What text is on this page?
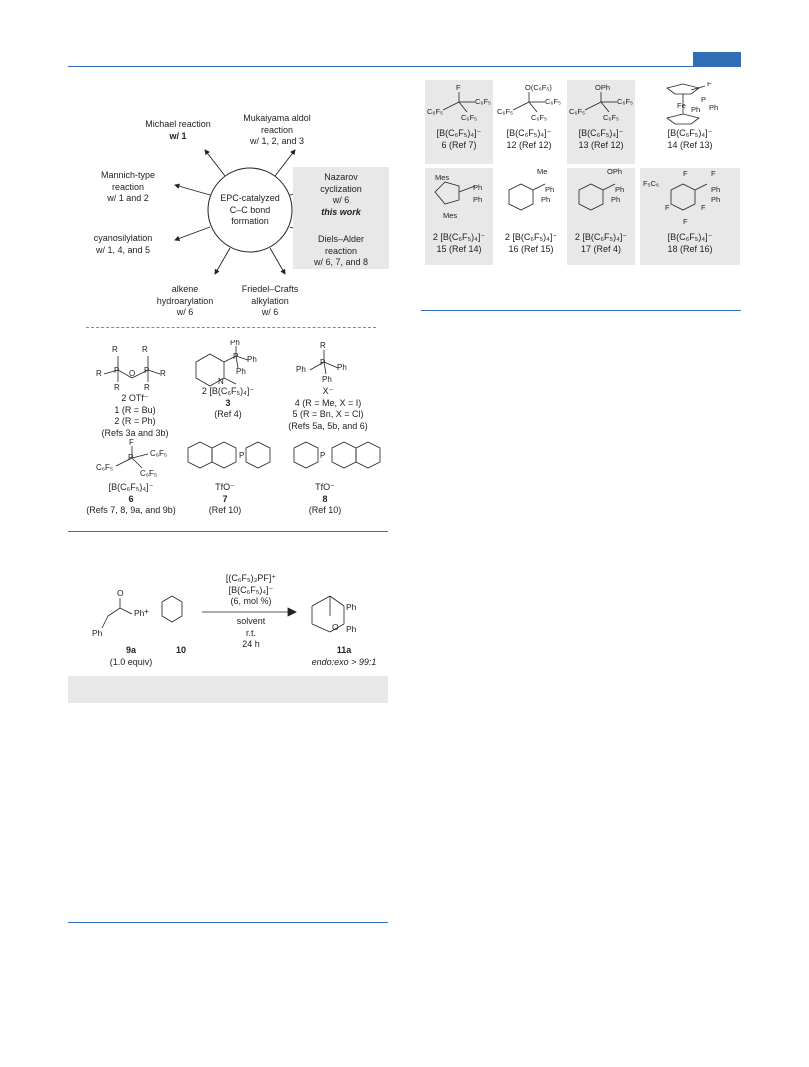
EPC-catalyzed
C–C bond
formation
Michael reaction
w/ 1
Mukaiyama aldol
reaction
w/ 1, 2, and 3
Mannich-type
reaction
w/ 1 and 2
Nazarov
cyclization
w/ 6
this work
Diels–Alder
reaction
w/ 6, 7, and 8
cyanosilylation
w/ 1, 4, and 5
alkene
hydroarylation
w/ 6
Friedel–Crafts
alkylation
w/ 6
R	R
R	R
R	R
P O P
Ph
Ph
Ph
P
N
R
Ph	Ph
Ph
P
2 OTf⁻
1 (R = Bu)
2 (R = Ph)
(Refs 3a and 3b)
2 [B(C₆F₅)₄]⁻
3
(Ref 4)
X⁻
4 (R = Me, X = I)
5 (R = Bn, X = Cl)
(Refs 5a, 5b, and 6)
F
C₆F₅
C₆F₅
C₆F₅
P	P	P
[B(C₆F₅)₄]⁻
6
(Refs 7, 8, 9a, and 9b)
TfO⁻
7
(Ref 10)
TfO⁻
8
(Ref 10)
O
Ph
Ph
+	Ph
O Ph
[(C₆F₅)₃PF]⁺
[B(C₆F₅)₄]⁻
(6, mol %)
solvent
r.t.
24 h
9a
(1.0 equiv)
10	11a
endo:exo > 99:1
F
C₆F₅
C₆F₅
C₆F₅
O(C₆F₅)
C₆F₅
C₆F₅
C₆F₅
OPh
C₆F₅
C₆F₅
C₆F₅
Fe
F
P
Ph Ph
Mes
Mes
Ph
Ph
Me
Ph
Ph
OPh
Ph
Ph
F₅C₆
F	F
Ph
Ph
F	F
F
[B(C₆F₅)₄]⁻
6 (Ref 7)
[B(C₆F₅)₄]⁻
12 (Ref 12)
[B(C₆F₅)₄]⁻
13 (Ref 12)
[B(C₆F₅)₄]⁻
14 (Ref 13)
2 [B(C₆F₅)₄]⁻
15 (Ref 14)
2 [B(C₆F₅)₄]⁻
16 (Ref 15)
2 [B(C₆F₅)₄]⁻
17 (Ref 4)
[B(C₆F₅)₄]⁻
18 (Ref 16)
